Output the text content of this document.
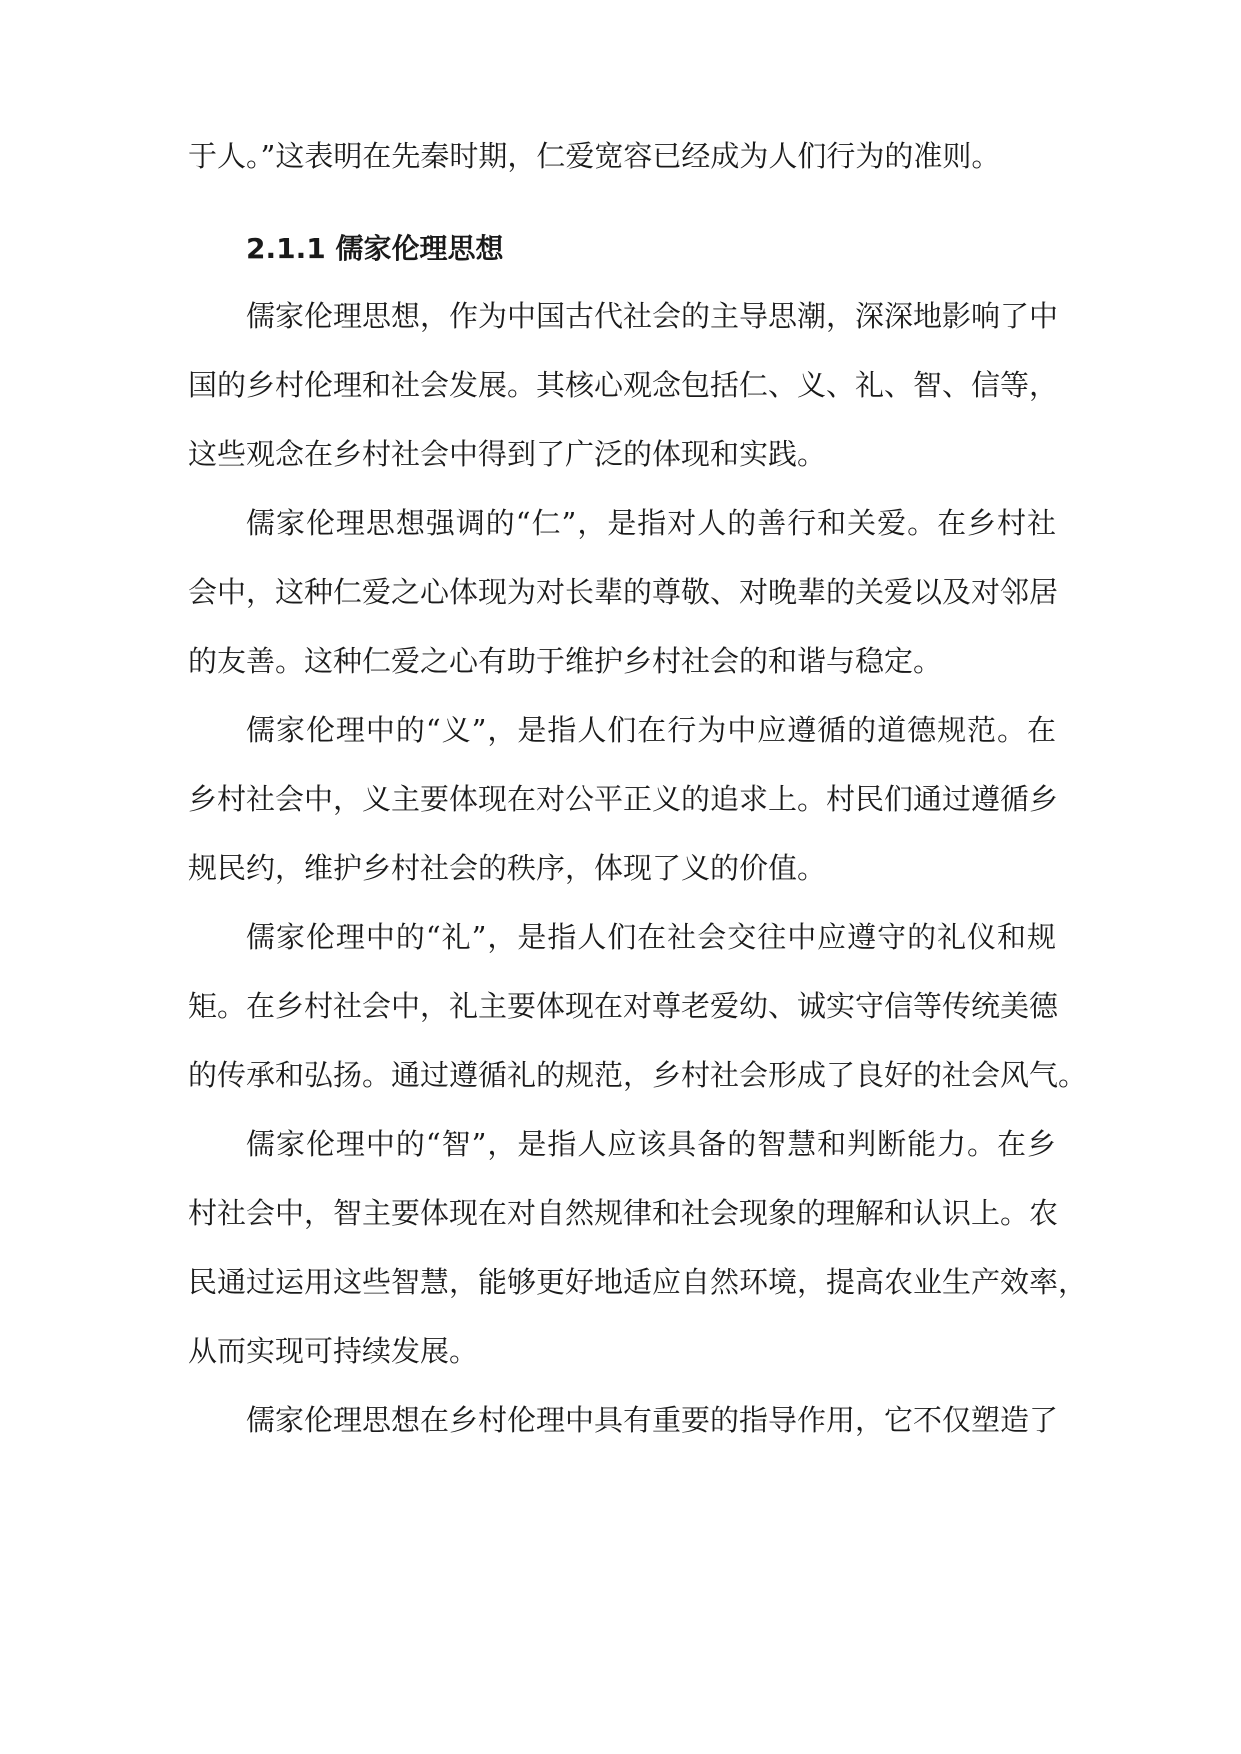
于人。”这表明在先秦时期，仁爱宽容已经成为人们行为的准则。
2.1.1 儒家伦理思想
儒家伦理思想，作为中国古代社会的主导思潮，深深地影响了中
国的乡村伦理和社会发展。其核心观念包括仁、义、礼、智、信等，
这些观念在乡村社会中得到了广泛的体现和实践。
儒家伦理思想强调的“仁”，是指对人的善行和关爱。在乡村社
会中，这种仁爱之心体现为对长辈的尊敬、对晚辈的关爱以及对邻居
的友善。这种仁爱之心有助于维护乡村社会的和谐与稳定。
儒家伦理中的“义”，是指人们在行为中应遵循的道德规范。在
乡村社会中，义主要体现在对公平正义的追求上。村民们通过遵循乡
规民约，维护乡村社会的秩序，体现了义的价值。
儒家伦理中的“礼”，是指人们在社会交往中应遵守的礼仪和规
矩。在乡村社会中，礼主要体现在对尊老爱幼、诚实守信等传统美德
的传承和弘扬。通过遵循礼的规范，乡村社会形成了良好的社会风气。
儒家伦理中的“智”，是指人应该具备的智慧和判断能力。在乡
村社会中，智主要体现在对自然规律和社会现象的理解和认识上。农
民通过运用这些智慧，能够更好地适应自然环境，提高农业生产效率，
从而实现可持续发展。
儒家伦理思想在乡村伦理中具有重要的指导作用，它不仅塑造了
